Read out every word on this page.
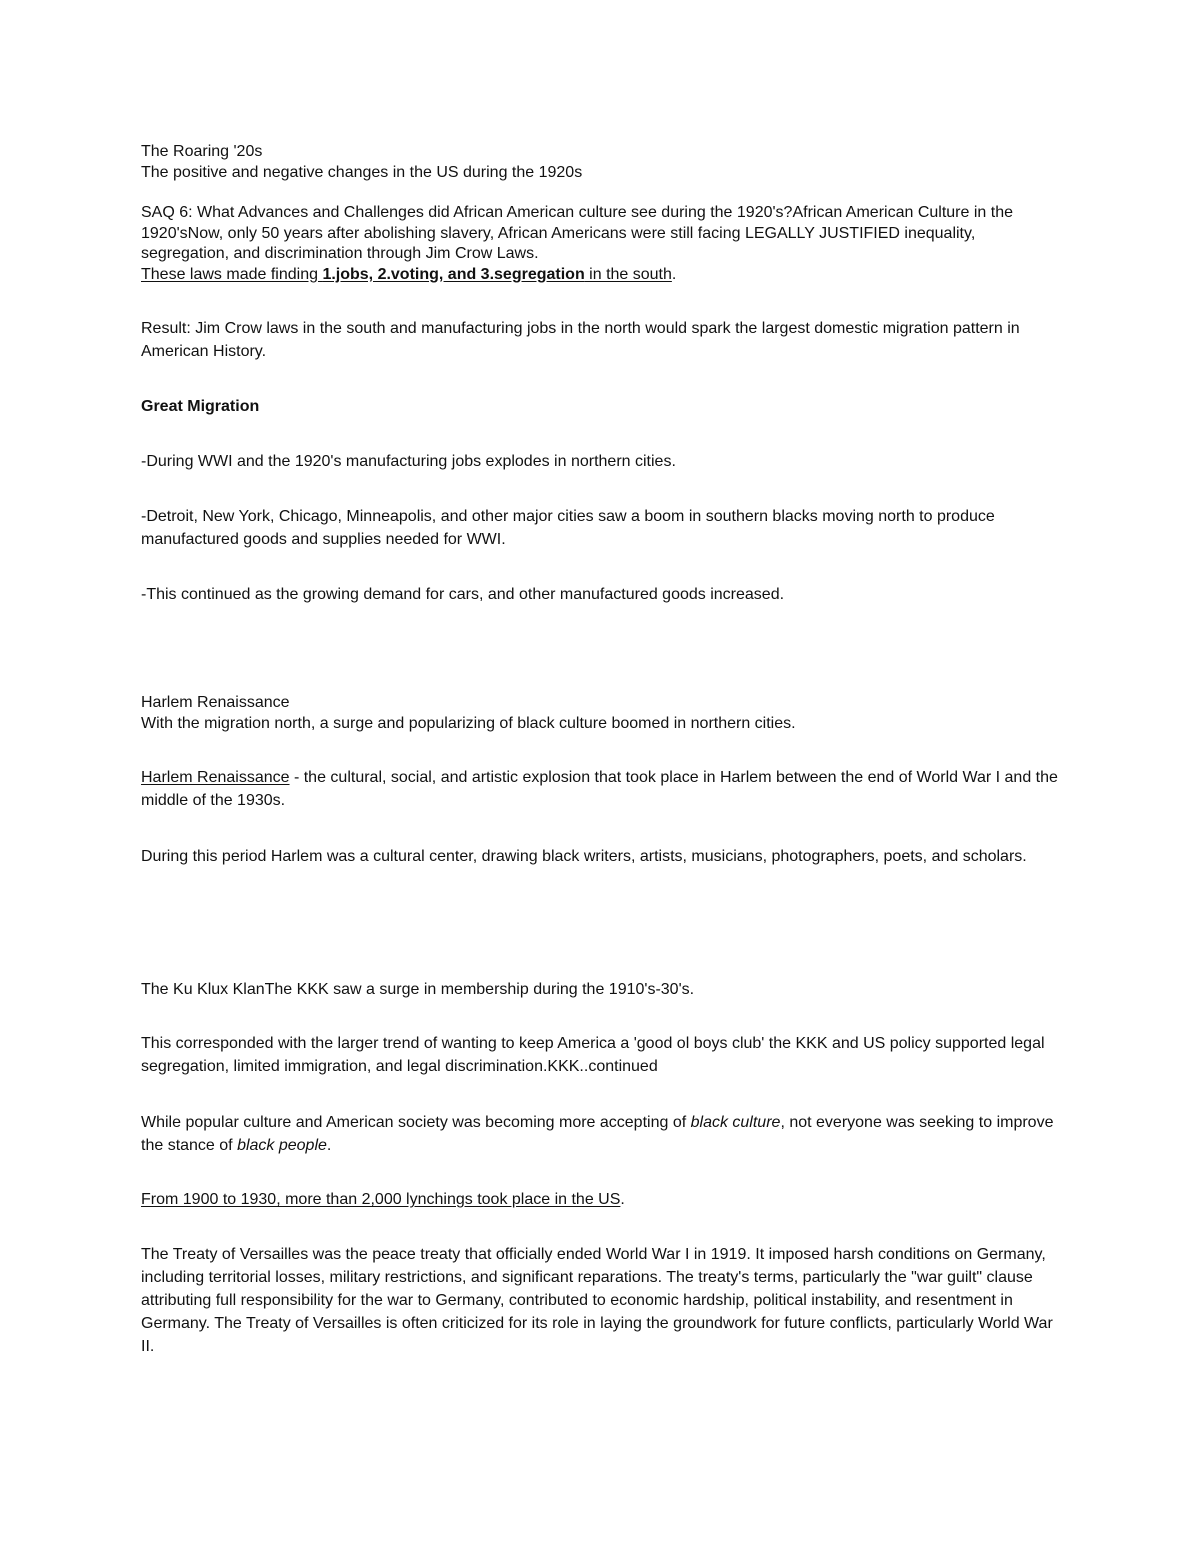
The Roaring '20s

The positive and negative changes in the US during the 1920s

SAQ 6: What Advances and Challenges did African American culture see during the 1920's?African American Culture in the 1920'sNow, only 50 years after abolishing slavery, African Americans were still facing LEGALLY JUSTIFIED inequality, segregation, and discrimination through Jim Crow Laws.
These laws made finding 1.jobs, 2.voting, and 3.segregation in the south.

Result: Jim Crow laws in the south and manufacturing jobs in the north would spark the largest domestic migration pattern in American History.

Great Migration

-During WWI and the 1920's manufacturing jobs explodes in northern cities.

-Detroit, New York, Chicago, Minneapolis, and other major cities saw a boom in southern blacks moving north to produce manufactured goods and supplies needed for WWI.

-This continued as the growing demand for cars, and other manufactured goods increased.

Harlem Renaissance

With the migration north, a surge and popularizing of black culture boomed in northern cities.

Harlem Renaissance - the cultural, social, and artistic explosion that took place in Harlem between the end of World War I and the middle of the 1930s.

During this period Harlem was a cultural center, drawing black writers, artists, musicians, photographers, poets, and scholars.

The Ku Klux KlanThe KKK saw a surge in membership during the 1910's-30's.

This corresponded with the larger trend of wanting to keep America a 'good ol boys club' the KKK and US policy supported legal segregation, limited immigration, and legal discrimination.KKK..continued

While popular culture and American society was becoming more accepting of black culture, not everyone was seeking to improve the stance of black people.

From 1900 to 1930, more than 2,000 lynchings took place in the US.

The Treaty of Versailles was the peace treaty that officially ended World War I in 1919. It imposed harsh conditions on Germany, including territorial losses, military restrictions, and significant reparations. The treaty's terms, particularly the "war guilt" clause attributing full responsibility for the war to Germany, contributed to economic hardship, political instability, and resentment in Germany. The Treaty of Versailles is often criticized for its role in laying the groundwork for future conflicts, particularly World War II.
